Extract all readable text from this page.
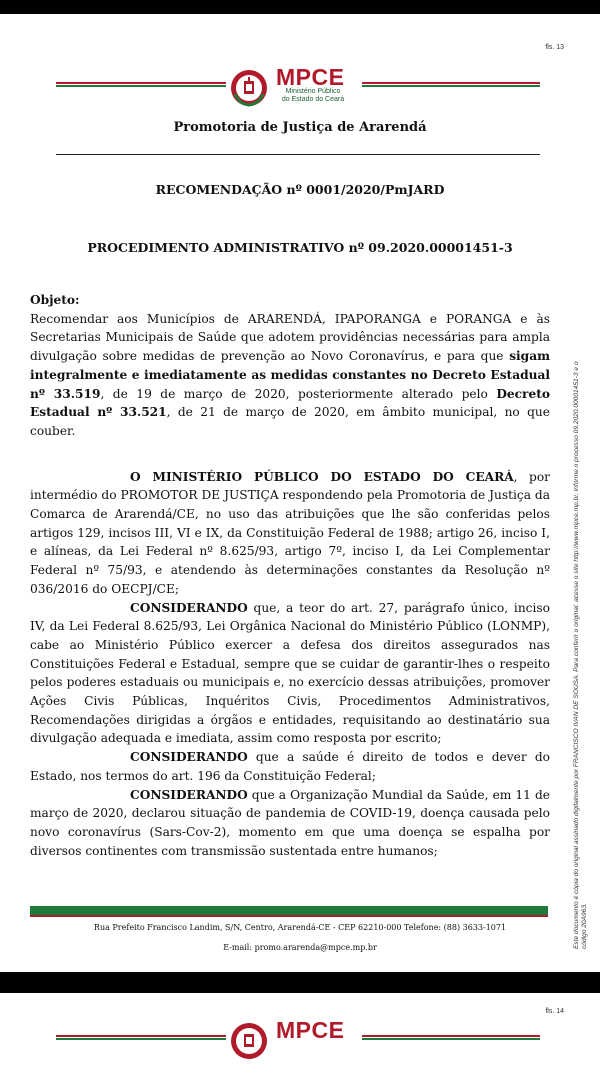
fls. 13
MPCE
Ministério Público
do Estado do Ceará
Promotoria de Justiça de Ararendá
RECOMENDAÇÃO nº 0001/2020/PmJARD
PROCEDIMENTO ADMINISTRATIVO nº 09.2020.00001451-3

Objeto:

Recomendar aos Municípios de ARARENDÁ, IPAPORANGA e PORANGA e às Secretarias Municipais de Saúde que adotem providências necessárias para ampla divulgação sobre medidas de prevenção ao Novo Coronavírus, e para que sigam integralmente e imediatamente as medidas constantes no Decreto Estadual nº 33.519, de 19 de março de 2020, posteriormente alterado pelo Decreto Estadual nº 33.521, de 21 de março de 2020, em âmbito municipal, no que couber.

O MINISTÉRIO PÚBLICO DO ESTADO DO CEARÁ, por intermédio do PROMOTOR DE JUSTIÇA respondendo pela Promotoria de Justiça da Comarca de Ararendá/CE, no uso das atribuições que lhe são conferidas pelos artigos 129, incisos III, VI e IX, da Constituição Federal de 1988; artigo 26, inciso I, e alíneas, da Lei Federal nº 8.625/93, artigo 7º, inciso I, da Lei Complementar Federal nº 75/93, e atendendo às determinações constantes da Resolução nº 036/2016 do OECPJ/CE;

CONSIDERANDO que, a teor do art. 27, parágrafo único, inciso IV, da Lei Federal 8.625/93, Lei Orgânica Nacional do Ministério Público (LONMP), cabe ao Ministério Público exercer a defesa dos direitos assegurados nas Constituições Federal e Estadual, sempre que se cuidar de garantir-lhes o respeito pelos poderes estaduais ou municipais e, no exercício dessas atribuições, promover Ações Civis Públicas, Inquéritos Civis, Procedimentos Administrativos, Recomendações dirigidas a órgãos e entidades, requisitando ao destinatário sua divulgação adequada e imediata, assim como resposta por escrito;

CONSIDERANDO que a saúde é direito de todos e dever do Estado, nos termos do art. 196 da Constituição Federal;

CONSIDERANDO que a Organização Mundial da Saúde, em 11 de março de 2020, declarou situação de pandemia de COVID-19, doença causada pelo novo coronavírus (Sars-Cov-2), momento em que uma doença se espalha por diversos continentes com transmissão sustentada entre humanos;	Este documento é cópia do original assinado digitalmente por FRANCISCO IVAN DE SOUSA. Para conferir o original, acesse o site http://www.mpce.mp.br, informe o processo 09.2020.00001451-3 e o
código 20A963.
Rua Prefeito Francisco Landim, S/N, Centro, Ararendá-CE - CEP 62210-000 Telefone: (88) 3633-1071
E-mail: promo.ararenda@mpce.mp.br
fls. 14
MPCE
